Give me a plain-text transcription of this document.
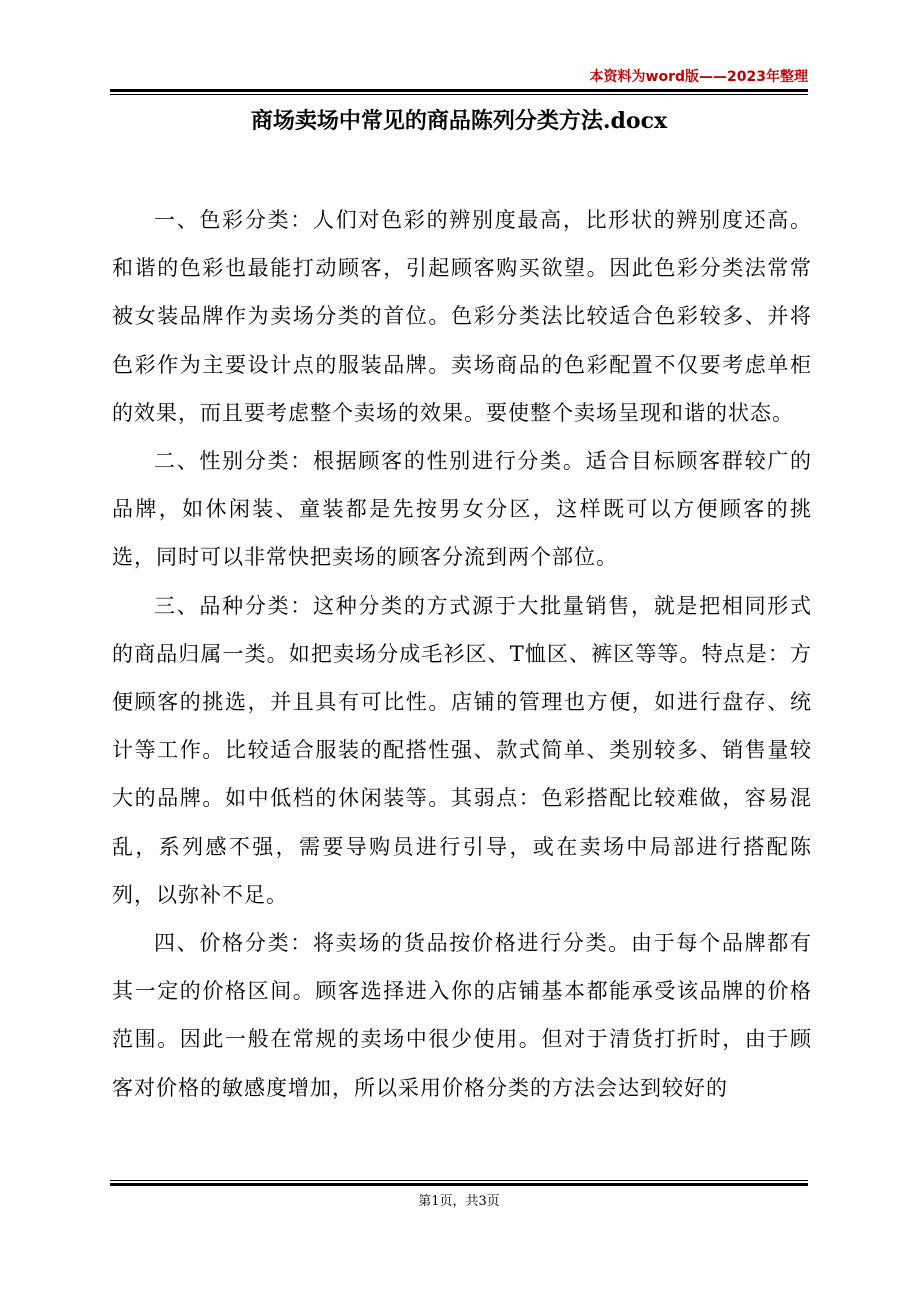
本资料为word版——2023年整理
商场卖场中常见的商品陈列分类方法.docx

一、色彩分类：人们对色彩的辨别度最高，比形状的辨别度还高。和谐的色彩也最能打动顾客，引起顾客购买欲望。因此色彩分类法常常被女装品牌作为卖场分类的首位。色彩分类法比较适合色彩较多、并将色彩作为主要设计点的服装品牌。卖场商品的色彩配置不仅要考虑单柜的效果，而且要考虑整个卖场的效果。要使整个卖场呈现和谐的状态。

二、性别分类：根据顾客的性别进行分类。适合目标顾客群较广的品牌，如休闲装、童装都是先按男女分区，这样既可以方便顾客的挑选，同时可以非常快把卖场的顾客分流到两个部位。

三、品种分类：这种分类的方式源于大批量销售，就是把相同形式的商品归属一类。如把卖场分成毛衫区、T恤区、裤区等等。特点是：方便顾客的挑选，并且具有可比性。店铺的管理也方便，如进行盘存、统计等工作。比较适合服装的配搭性强、款式简单、类别较多、销售量较大的品牌。如中低档的休闲装等。其弱点：色彩搭配比较难做，容易混乱，系列感不强，需要导购员进行引导，或在卖场中局部进行搭配陈列，以弥补不足。

四、价格分类：将卖场的货品按价格进行分类。由于每个品牌都有其一定的价格区间。顾客选择进入你的店铺基本都能承受该品牌的价格范围。因此一般在常规的卖场中很少使用。但对于清货打折时，由于顾客对价格的敏感度增加，所以采用价格分类的方法会达到较好的

第1页，共3页
